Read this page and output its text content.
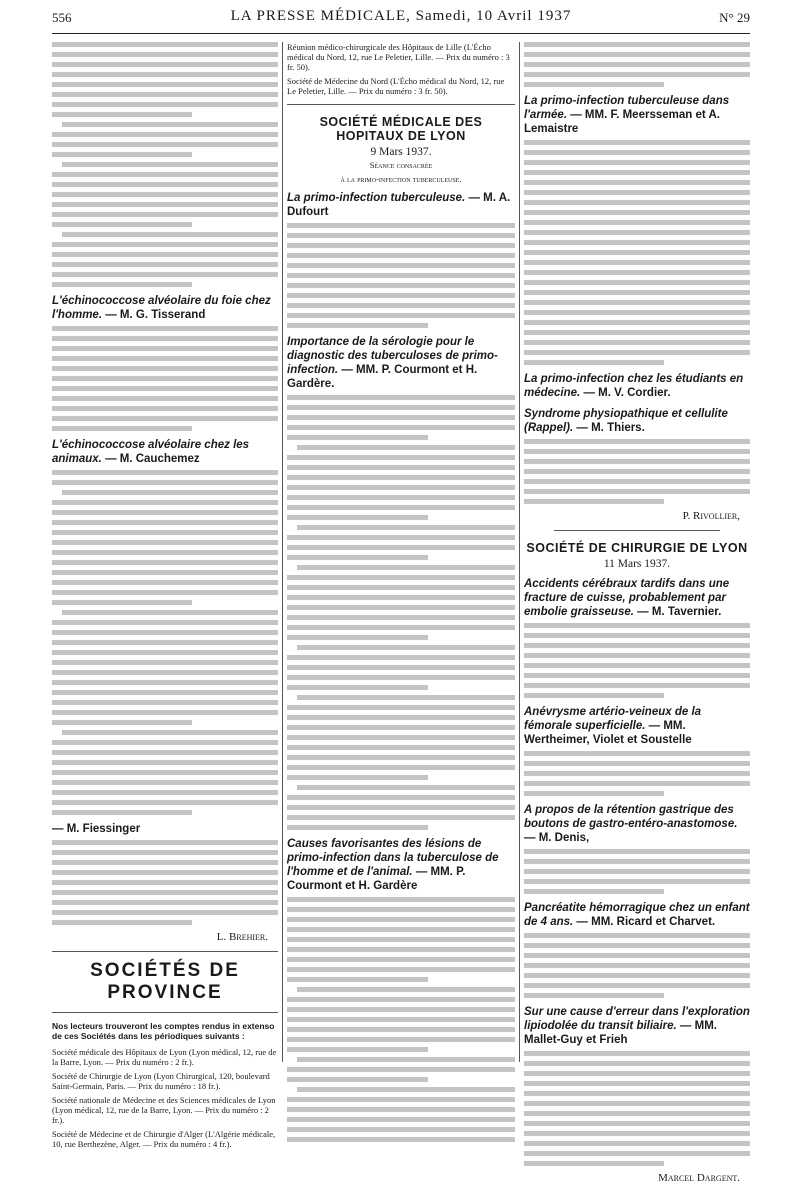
556	LA PRESSE MÉDICALE, Samedi, 10 Avril 1937	N° 29
L'échinococcose alvéolaire du foie chez l'homme. — M. G. Tisserand
L'échinococcose alvéolaire chez les animaux. — M. Cauchemez
— M. Fiessinger
L. Brehier.
SOCIÉTÉS DE PROVINCE
Nos lecteurs trouveront les comptes rendus in extenso de ces Sociétés dans les périodiques suivants :
Société médicale des Hôpitaux de Lyon (Lyon médical, 12, rue de la Barre, Lyon. — Prix du numéro : 2 fr.).
Société de Chirurgie de Lyon (Lyon Chirurgical, 120, boulevard Saint-Germain, Paris. — Prix du numéro : 18 fr.).
Société nationale de Médecine et des Sciences médicales de Lyon (Lyon médical, 12, rue de la Barre, Lyon. — Prix du numéro : 2 fr.).
Société de Médecine et de Chirurgie d'Alger (L'Algérie médicale, 10, rue Berthezène, Alger. — Prix du numéro : 4 fr.).
Réunion médico-chirurgicale des Hôpitaux de Lille (L'Écho médical du Nord, 12, rue Le Peletier, Lille. — Prix du numéro : 3 fr. 50).
Société de Médecine du Nord (L'Écho médical du Nord, 12, rue Le Peletier, Lille. — Prix du numéro : 3 fr. 50).
SOCIÉTÉ MÉDICALE DES HOPITAUX DE LYON
9 Mars 1937.
Séance consacrée
à la primo-infection tuberculeuse.
La primo-infection tuberculeuse. — M. A. Dufourt
Importance de la sérologie pour le diagnostic des tuberculoses de primo-infection. — MM. P. Courmont et H. Gardère.
Causes favorisantes des lésions de primo-infection dans la tuberculose de l'homme et de l'animal. — MM. P. Courmont et H. Gardère
La primo-infection tuberculeuse dans l'armée. — MM. F. Meersseman et A. Lemaistre
La primo-infection chez les étudiants en médecine. — M. V. Cordier.
Syndrome physiopathique et cellulite (Rappel). — M. Thiers.
P. Rivollier,
SOCIÉTÉ DE CHIRURGIE DE LYON
11 Mars 1937.
Accidents cérébraux tardifs dans une fracture de cuisse, probablement par embolie graisseuse. — M. Tavernier.
Anévrysme artério-veineux de la fémorale superficielle. — MM. Wertheimer, Violet et Soustelle
A propos de la rétention gastrique des boutons de gastro-entéro-anastomose. — M. Denis,
Pancréatite hémorragique chez un enfant de 4 ans. — MM. Ricard et Charvet.
Sur une cause d'erreur dans l'exploration lipiodolée du transit biliaire. — MM. Mallet-Guy et Frieh
Marcel Dargent.
